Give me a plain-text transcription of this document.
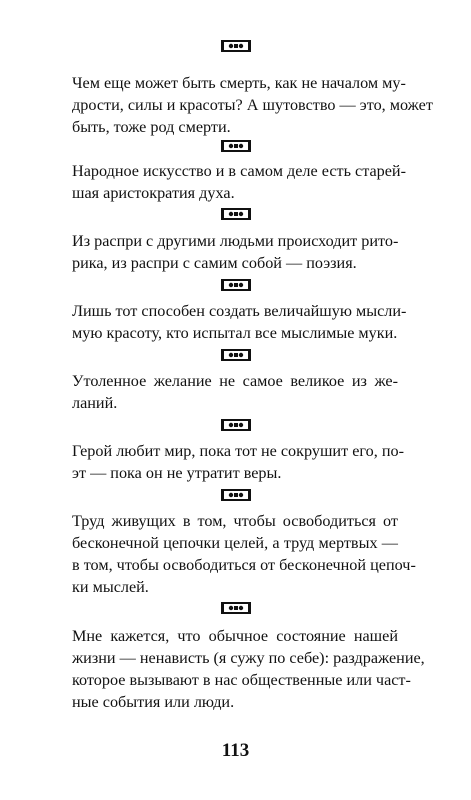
Чем еще может быть смерть, как не началом му-
дрости, силы и красоты? А шутовство — это, может
быть, тоже род смерти.
Народное искусство и в самом деле есть старей-
шая аристократия духа.
Из распри с другими людьми происходит рито-
рика, из распри с самим собой — поэзия.
Лишь тот способен создать величайшую мысли-
мую красоту, кто испытал все мыслимые муки.
Утоленное желание не самое великое из же-
ланий.
Герой любит мир, пока тот не сокрушит его, по-
эт — пока он не утратит веры.
Труд живущих в том, чтобы освободиться от
бесконечной цепочки целей, а труд мертвых —
в том, чтобы освободиться от бесконечной цепоч-
ки мыслей.
Мне кажется, что обычное состояние нашей
жизни — ненависть (я сужу по себе): раздражение,
которое вызывают в нас общественные или част-
ные события или люди.
113
